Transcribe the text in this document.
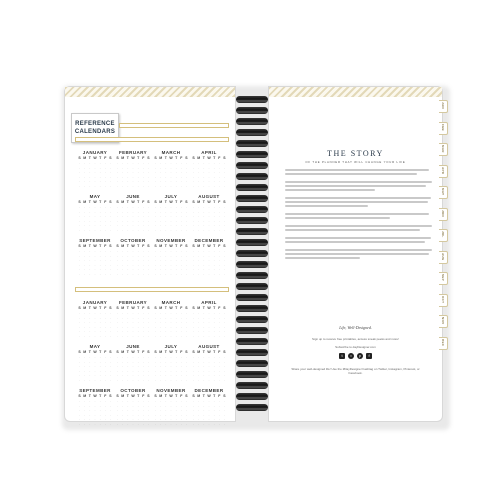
REFERENCE
CALENDARS
JANUARY
S M T W T F S
·	·	·	·	·	·	·
·	·	·	·	·	·	·
·	·	·	·	·	·	·
·	·	·	·	·	·	·
·	·	·	·	·	·	·
·	·	·	·	·	·	·
FEBRUARY
S M T W T F S
·	·	·	·	·	·	·
·	·	·	·	·	·	·
·	·	·	·	·	·	·
·	·	·	·	·	·	·
·	·	·	·	·	·	·
·	·	·	·	·	·	·
MARCH
S M T W T F S
·	·	·	·	·	·	·
·	·	·	·	·	·	·
·	·	·	·	·	·	·
·	·	·	·	·	·	·
·	·	·	·	·	·	·
·	·	·	·	·	·	·
APRIL
S M T W T F S
·	·	·	·	·	·	·
·	·	·	·	·	·	·
·	·	·	·	·	·	·
·	·	·	·	·	·	·
·	·	·	·	·	·	·
·	·	·	·	·	·	·
MAY
S M T W T F S
·	·	·	·	·	·	·
·	·	·	·	·	·	·
·	·	·	·	·	·	·
·	·	·	·	·	·	·
·	·	·	·	·	·	·
·	·	·	·	·	·	·
JUNE
S M T W T F S
·	·	·	·	·	·	·
·	·	·	·	·	·	·
·	·	·	·	·	·	·
·	·	·	·	·	·	·
·	·	·	·	·	·	·
·	·	·	·	·	·	·
JULY
S M T W T F S
·	·	·	·	·	·	·
·	·	·	·	·	·	·
·	·	·	·	·	·	·
·	·	·	·	·	·	·
·	·	·	·	·	·	·
·	·	·	·	·	·	·
AUGUST
S M T W T F S
·	·	·	·	·	·	·
·	·	·	·	·	·	·
·	·	·	·	·	·	·
·	·	·	·	·	·	·
·	·	·	·	·	·	·
·	·	·	·	·	·	·
SEPTEMBER
S M T W T F S
·	·	·	·	·	·	·
·	·	·	·	·	·	·
·	·	·	·	·	·	·
·	·	·	·	·	·	·
·	·	·	·	·	·	·
·	·	·	·	·	·	·
OCTOBER
S M T W T F S
·	·	·	·	·	·	·
·	·	·	·	·	·	·
·	·	·	·	·	·	·
·	·	·	·	·	·	·
·	·	·	·	·	·	·
·	·	·	·	·	·	·
NOVEMBER
S M T W T F S
·	·	·	·	·	·	·
·	·	·	·	·	·	·
·	·	·	·	·	·	·
·	·	·	·	·	·	·
·	·	·	·	·	·	·
·	·	·	·	·	·	·
DECEMBER
S M T W T F S
·	·	·	·	·	·	·
·	·	·	·	·	·	·
·	·	·	·	·	·	·
·	·	·	·	·	·	·
·	·	·	·	·	·	·
·	·	·	·	·	·	·
JANUARY
S M T W T F S
·	·	·	·	·	·	·
·	·	·	·	·	·	·
·	·	·	·	·	·	·
·	·	·	·	·	·	·
·	·	·	·	·	·	·
·	·	·	·	·	·	·
FEBRUARY
S M T W T F S
·	·	·	·	·	·	·
·	·	·	·	·	·	·
·	·	·	·	·	·	·
·	·	·	·	·	·	·
·	·	·	·	·	·	·
·	·	·	·	·	·	·
MARCH
S M T W T F S
·	·	·	·	·	·	·
·	·	·	·	·	·	·
·	·	·	·	·	·	·
·	·	·	·	·	·	·
·	·	·	·	·	·	·
·	·	·	·	·	·	·
APRIL
S M T W T F S
·	·	·	·	·	·	·
·	·	·	·	·	·	·
·	·	·	·	·	·	·
·	·	·	·	·	·	·
·	·	·	·	·	·	·
·	·	·	·	·	·	·
MAY
S M T W T F S
·	·	·	·	·	·	·
·	·	·	·	·	·	·
·	·	·	·	·	·	·
·	·	·	·	·	·	·
·	·	·	·	·	·	·
·	·	·	·	·	·	·
JUNE
S M T W T F S
·	·	·	·	·	·	·
·	·	·	·	·	·	·
·	·	·	·	·	·	·
·	·	·	·	·	·	·
·	·	·	·	·	·	·
·	·	·	·	·	·	·
JULY
S M T W T F S
·	·	·	·	·	·	·
·	·	·	·	·	·	·
·	·	·	·	·	·	·
·	·	·	·	·	·	·
·	·	·	·	·	·	·
·	·	·	·	·	·	·
AUGUST
S M T W T F S
·	·	·	·	·	·	·
·	·	·	·	·	·	·
·	·	·	·	·	·	·
·	·	·	·	·	·	·
·	·	·	·	·	·	·
·	·	·	·	·	·	·
SEPTEMBER
S M T W T F S
·	·	·	·	·	·	·
·	·	·	·	·	·	·
·	·	·	·	·	·	·
·	·	·	·	·	·	·
·	·	·	·	·	·	·
·	·	·	·	·	·	·
OCTOBER
S M T W T F S
·	·	·	·	·	·	·
·	·	·	·	·	·	·
·	·	·	·	·	·	·
·	·	·	·	·	·	·
·	·	·	·	·	·	·
·	·	·	·	·	·	·
NOVEMBER
S M T W T F S
·	·	·	·	·	·	·
·	·	·	·	·	·	·
·	·	·	·	·	·	·
·	·	·	·	·	·	·
·	·	·	·	·	·	·
·	·	·	·	·	·	·
DECEMBER
S M T W T F S
·	·	·	·	·	·	·
·	·	·	·	·	·	·
·	·	·	·	·	·	·
·	·	·	·	·	·	·
·	·	·	·	·	·	·
·	·	·	·	·	·	·
THE STORY
OF THE PLANNER THAT WILL CHANGE YOUR LIFE
Life, Well-Designed.
Sign up to receive free printables, access sneak peeks and more!
Subscribe to dayDesigner.com
t	○	p	f
Share your well-designed life! Use the #DayDesigner hashtag on Twitter, Instagram, Pinterest, or Facebook.
JAN
FEB
MAR
APR
MAY
JUN
JUL
AUG
SEP
OCT
NOV
DEC
